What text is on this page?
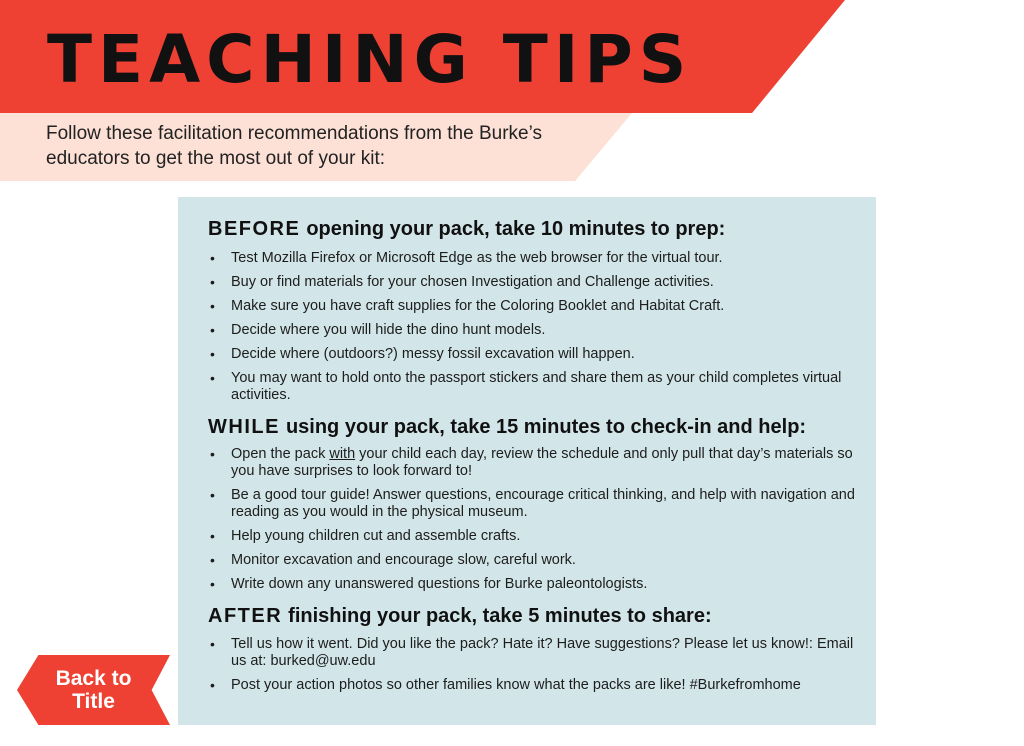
TEACHING TIPS
Follow these facilitation recommendations from the Burke’s educators to get the most out of your kit:
BEFORE opening your pack, take 10 minutes to prep:
• Test Mozilla Firefox or Microsoft Edge as the web browser for the virtual tour.
• Buy or find materials for your chosen Investigation and Challenge activities.
• Make sure you have craft supplies for the Coloring Booklet and Habitat Craft.
• Decide where you will hide the dino hunt models.
• Decide where (outdoors?) messy fossil excavation will happen.
• You may want to hold onto the passport stickers and share them as your child completes virtual activities.
WHILE using your pack, take 15 minutes to check-in and help:
• Open the pack with your child each day, review the schedule and only pull that day’s materials so you have surprises to look forward to!
• Be a good tour guide! Answer questions, encourage critical thinking, and help with navigation and reading as you would in the physical museum.
• Help young children cut and assemble crafts.
• Monitor excavation and encourage slow, careful work.
• Write down any unanswered questions for Burke paleontologists.
AFTER finishing your pack, take 5 minutes to share:
• Tell us how it went. Did you like the pack? Hate it? Have suggestions? Please let us know!: Email us at: burked@uw.edu
• Post your action photos so other families know what the packs are like! #Burkefromhome
Back to Title
